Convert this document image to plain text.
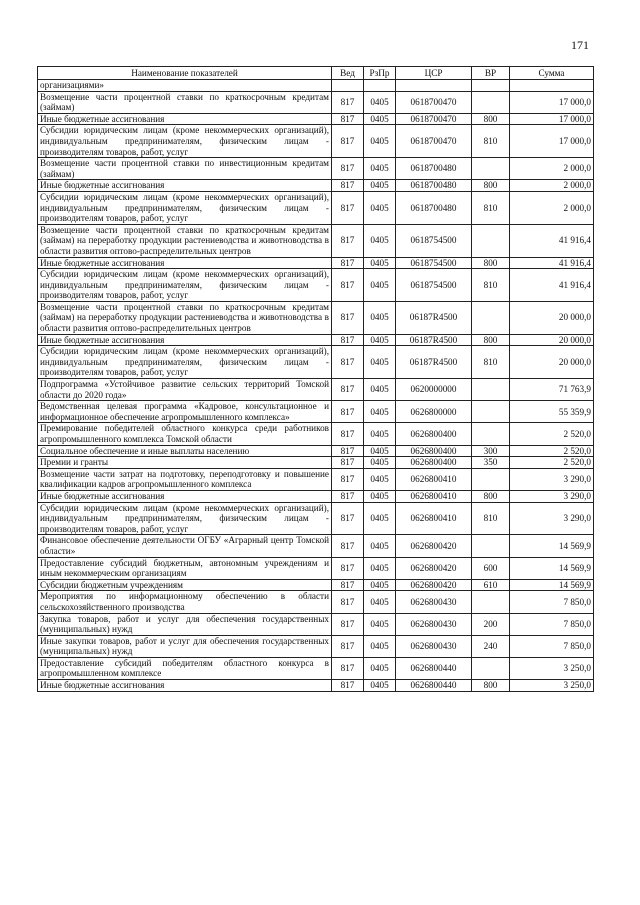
171
Наименование показателей	Вед	РзПр	ЦСР	ВР	Сумма
организациями»					
Возмещение части процентной ставки по краткосрочным кредитам (займам)	817	0405	0618700470		17 000,0
Иные бюджетные ассигнования	817	0405	0618700470	800	17 000,0
Субсидии юридическим лицам (кроме некоммерческих организаций), индивидуальным предпринимателям, физическим лицам - производителям товаров, работ, услуг	817	0405	0618700470	810	17 000,0
Возмещение части процентной ставки по инвестиционным кредитам (займам)	817	0405	0618700480		2 000,0
Иные бюджетные ассигнования	817	0405	0618700480	800	2 000,0
Субсидии юридическим лицам (кроме некоммерческих организаций), индивидуальным предпринимателям, физическим лицам - производителям товаров, работ, услуг	817	0405	0618700480	810	2 000,0
Возмещение части процентной ставки по краткосрочным кредитам (займам) на переработку продукции растениеводства и животноводства в области развития оптово-распределительных центров	817	0405	0618754500		41 916,4
Иные бюджетные ассигнования	817	0405	0618754500	800	41 916,4
Субсидии юридическим лицам (кроме некоммерческих организаций), индивидуальным предпринимателям, физическим лицам - производителям товаров, работ, услуг	817	0405	0618754500	810	41 916,4
Возмещение части процентной ставки по краткосрочным кредитам (займам) на переработку продукции растениеводства и животноводства в области развития оптово-распределительных центров	817	0405	06187R4500		20 000,0
Иные бюджетные ассигнования	817	0405	06187R4500	800	20 000,0
Субсидии юридическим лицам (кроме некоммерческих организаций), индивидуальным предпринимателям, физическим лицам - производителям товаров, работ, услуг	817	0405	06187R4500	810	20 000,0
Подпрограмма «Устойчивое развитие сельских территорий Томской области до 2020 года»	817	0405	0620000000		71 763,9
Ведомственная целевая программа «Кадровое, консультационное и информационное обеспечение агропромышленного комплекса»	817	0405	0626800000		55 359,9
Премирование победителей областного конкурса среди работников агропромышленного комплекса Томской области	817	0405	0626800400		2 520,0
Социальное обеспечение и иные выплаты населению	817	0405	0626800400	300	2 520,0
Премии и гранты	817	0405	0626800400	350	2 520,0
Возмещение части затрат на подготовку, переподготовку и повышение квалификации кадров агропромышленного комплекса	817	0405	0626800410		3 290,0
Иные бюджетные ассигнования	817	0405	0626800410	800	3 290,0
Субсидии юридическим лицам (кроме некоммерческих организаций), индивидуальным предпринимателям, физическим лицам - производителям товаров, работ, услуг	817	0405	0626800410	810	3 290,0
Финансовое обеспечение деятельности ОГБУ «Аграрный центр Томской области»	817	0405	0626800420		14 569,9
Предоставление субсидий бюджетным, автономным учреждениям и иным некоммерческим организациям	817	0405	0626800420	600	14 569,9
Субсидии бюджетным учреждениям	817	0405	0626800420	610	14 569,9
Мероприятия по информационному обеспечению в области сельскохозяйственного производства	817	0405	0626800430		7 850,0
Закупка товаров, работ и услуг для обеспечения государственных (муниципальных) нужд	817	0405	0626800430	200	7 850,0
Иные закупки товаров, работ и услуг для обеспечения государственных (муниципальных) нужд	817	0405	0626800430	240	7 850,0
Предоставление субсидий победителям областного конкурса в агропромышленном комплексе	817	0405	0626800440		3 250,0
Иные бюджетные ассигнования	817	0405	0626800440	800	3 250,0
